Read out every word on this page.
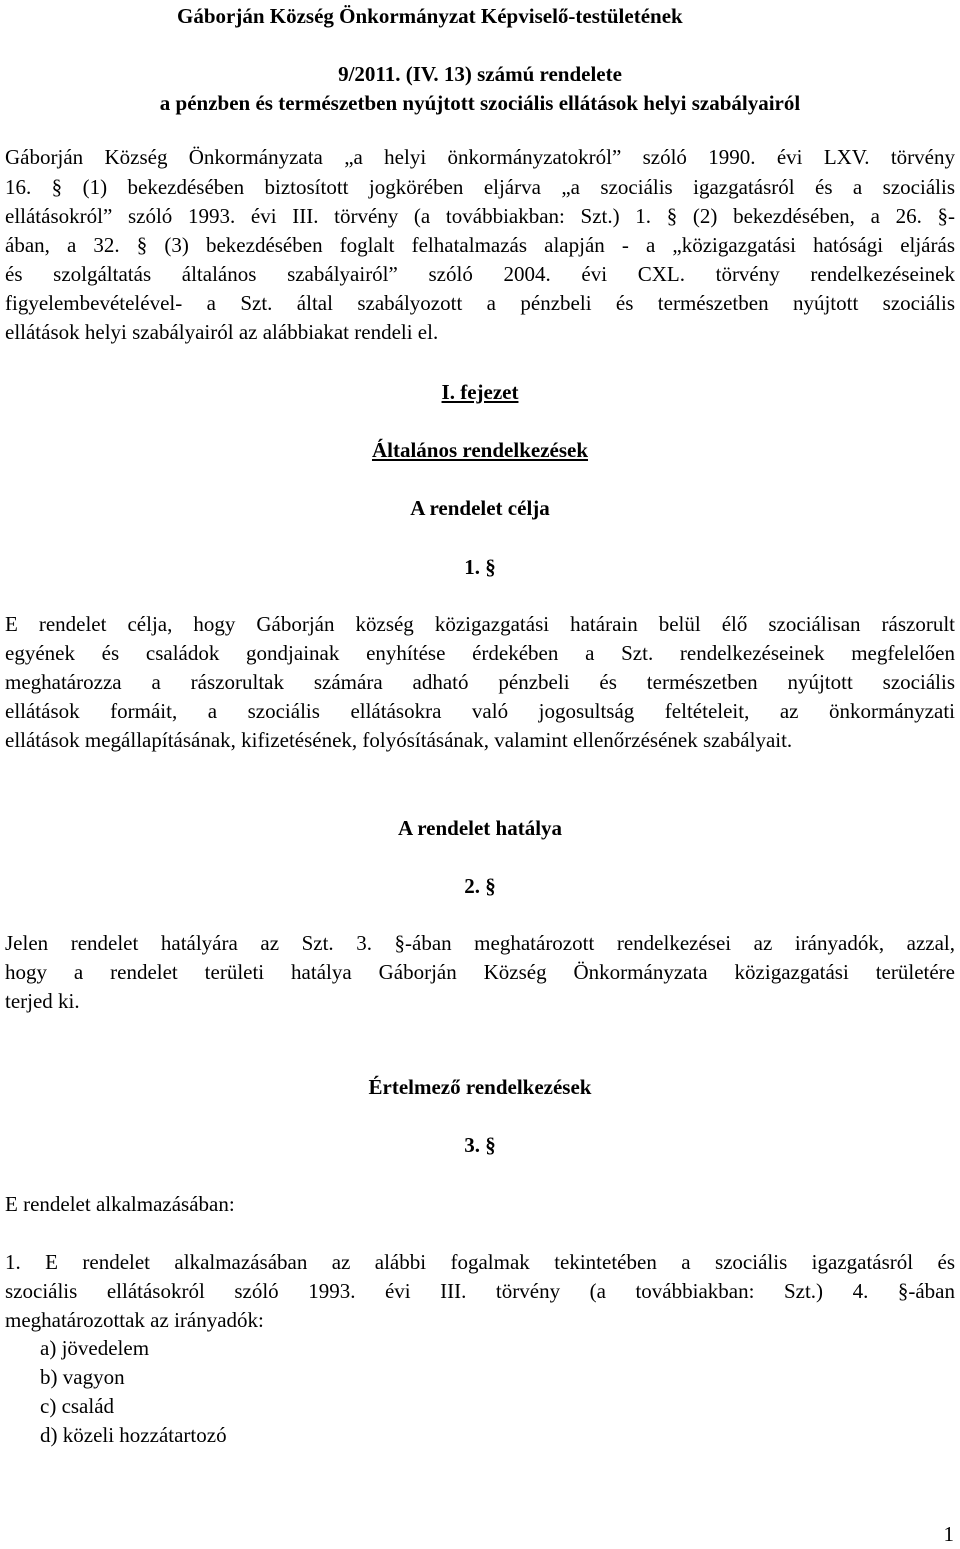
Gáborján Község Önkormányzat Képviselő-testületének
9/2011. (IV. 13) számú rendelete
a pénzben és természetben nyújtott szociális ellátások helyi szabályairól
Gáborján Község Önkormányzata „a helyi önkormányzatokról” szóló 1990. évi LXV. törvény
16. § (1) bekezdésében biztosított jogkörében eljárva „a szociális igazgatásról és a szociális
ellátásokról” szóló 1993. évi III. törvény (a továbbiakban: Szt.) 1. § (2) bekezdésében, a 26. §-
ában, a 32. § (3) bekezdésében foglalt felhatalmazás alapján - a „közigazgatási hatósági eljárás
és szolgáltatás általános szabályairól” szóló 2004. évi CXL. törvény rendelkezéseinek
figyelembevételével- a Szt. által szabályozott a pénzbeli és természetben nyújtott szociális
ellátások helyi szabályairól az alábbiakat rendeli el.
I. fejezet
Általános rendelkezések
A rendelet célja
1. §
E rendelet célja, hogy Gáborján község közigazgatási határain belül élő szociálisan rászorult
egyének és családok gondjainak enyhítése érdekében a Szt. rendelkezéseinek megfelelően
meghatározza a rászorultak számára adható pénzbeli és természetben nyújtott szociális
ellátások formáit, a szociális ellátásokra való jogosultság feltételeit, az önkormányzati
ellátások megállapításának, kifizetésének, folyósításának, valamint ellenőrzésének szabályait.
A rendelet hatálya
2. §
Jelen rendelet hatályára az Szt. 3. §-ában meghatározott rendelkezései az irányadók, azzal,
hogy a rendelet területi hatálya Gáborján Község Önkormányzata közigazgatási területére
terjed ki.
Értelmező rendelkezések
3. §
E rendelet alkalmazásában:
1. E rendelet alkalmazásában az alábbi fogalmak tekintetében a szociális igazgatásról és
szociális ellátásokról szóló 1993. évi III. törvény (a továbbiakban: Szt.) 4. §-ában
meghatározottak az irányadók:
a) jövedelem
b) vagyon
c) család
d) közeli hozzátartozó
1
